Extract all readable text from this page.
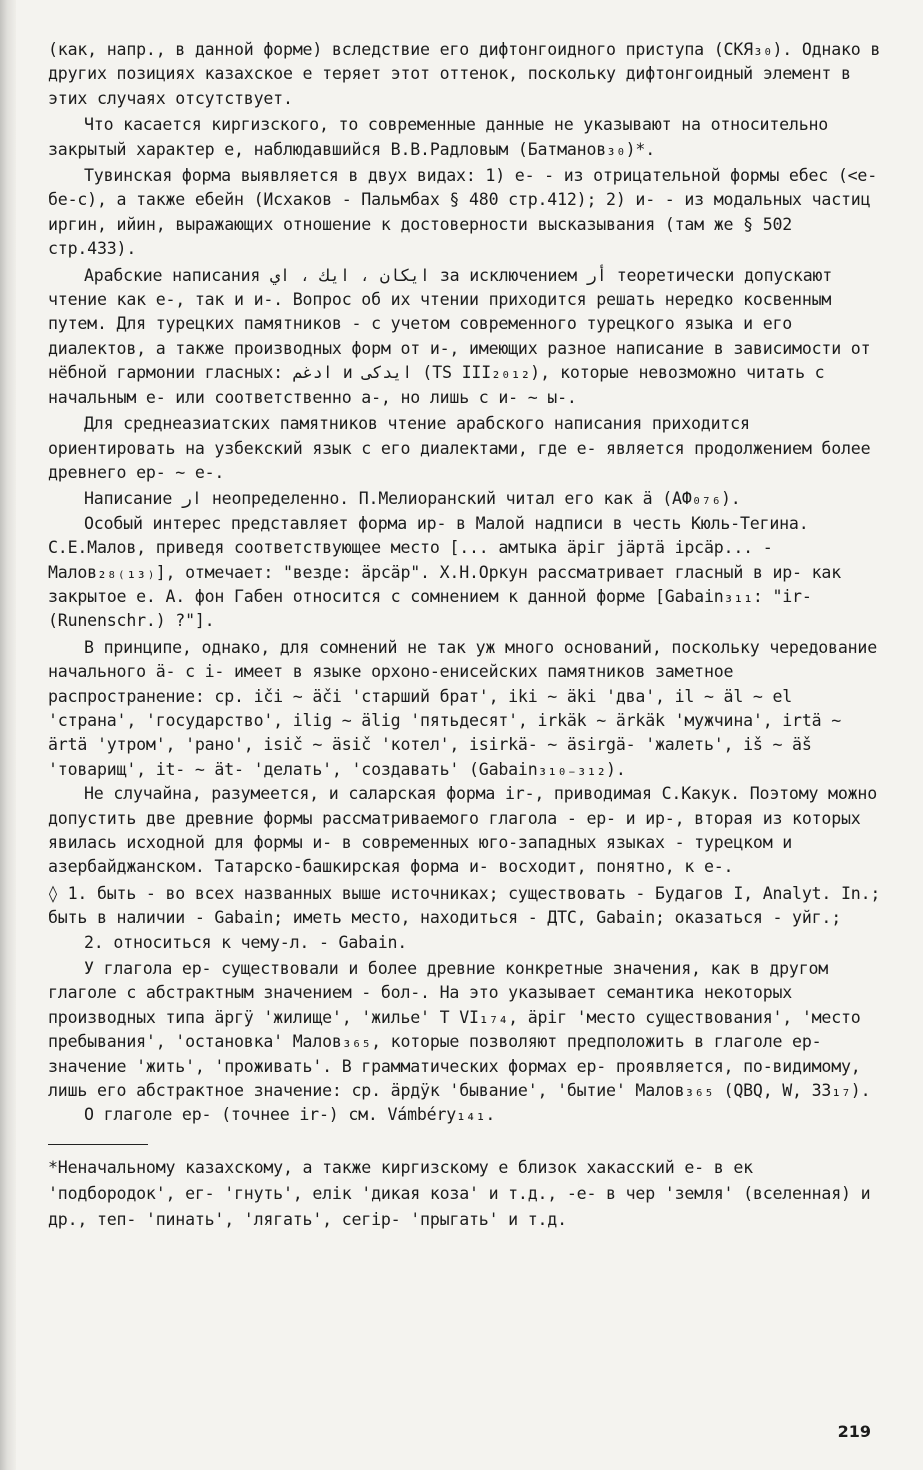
(как, напр., в данной форме) вследствие его дифтонгоидного приступа (СКЯ₃₀). Однако в других позициях казахское е теряет этот оттенок, поскольку дифтонгоидный элемент в этих случаях отсутствует.

Что касается киргизского, то современные данные не указывают на относительно закрытый характер е, наблюдавшийся В.В.Радловым (Батманов₃₀)*.

Тувинская форма выявляется в двух видах: 1) е- - из отрицательной формы ебес (<е-бе-с), а также ебейн (Исхаков - Пальмбах § 480 стр.412); 2) и- - из модальных частиц иргин, ийин, выражающих отношение к достоверности высказывания (там же § 502 стр.433).

Арабские написания ايكان ، ايك ، اي за исключением أر теоретически допускают чтение как е-, так и и-. Вопрос об их чтении приходится решать нередко косвенным путем. Для турецких памятников - с учетом современного турецкого языка и его диалектов, а также производных форм от и-, имеющих разное написание в зависимости от нёбной гармонии гласных: ادغم и ايدكى (TS III₂₀₁₂), которые невозможно читать с начальным е- или соответственно а-, но лишь с и- ~ ы-.

Для среднеазиатских памятников чтение арабского написания приходится ориентировать на узбекский язык с его диалектами, где е- является продолжением более древнего ер- ~ е-.

Написание ار неопределенно. П.Мелиоранский читал его как ä (АФ₀₇₆).

Особый интерес представляет форма ир- в Малой надписи в честь Кюль-Тегина. С.Е.Малов, приведя соответствующее место [... амтыка äрiг jäртä iрсäр... - Малов₂₈₍₁₃₎], отмечает: "везде: äрсäр". Х.Н.Оркун рассматривает гласный в ир- как закрытое е. А. фон Габен относится с сомнением к данной форме [Gabain₃₁₁: "ir- (Runenschr.) ?"].

В принципе, однако, для сомнений не так уж много оснований, поскольку чередование начального ä- с i- имеет в языке орхоно-енисейских памятников заметное распространение: ср. iči ~ äči 'старший брат', iki ~ äki 'два', il ~ äl ~ el 'страна', 'государство', ilig ~ älig 'пятьдесят', irkäk ~ ärkäk 'мужчина', irtä ~ ärtä 'утром', 'рано', isič ~ äsič 'котел', isirkä- ~ äsirgä- 'жалеть', iš ~ äš 'товарищ', it- ~ ät- 'делать', 'создавать' (Gabain₃₁₀₋₃₁₂).

Не случайна, разумеется, и саларская форма ir-, приводимая С.Какук. Поэтому можно допустить две древние формы рассматриваемого глагола - ер- и ир-, вторая из которых явилась исходной для формы и- в современных юго-западных языках - турецком и азербайджанском. Татарско-башкирская форма и- восходит, понятно, к е-.

◊ 1. быть - во всех названных выше источниках; существовать - Будагов I, Analyt. In.; быть в наличии - Gabain; иметь место, находиться - ДТС, Gabain; оказаться - уйг.;

2. относиться к чему-л. - Gabain.

У глагола ер- существовали и более древние конкретные значения, как в другом глаголе с абстрактным значением - бол-. На это указывает семантика некоторых производных типа äргÿ 'жилище', 'жилье' Т VI₁₇₄, äрiг 'место существования', 'место пребывания', 'остановка' Малов₃₆₅, которые позволяют предположить в глаголе ер- значение 'жить', 'проживать'. В грамматических формах ер- проявляется, по-видимому, лишь его абстрактное значение: ср. äрдÿк 'бывание', 'бытие' Малов₃₆₅ (QBQ, W, 33₁₇).

О глаголе ер- (точнее ir-) см. Vámbéry₁₄₁.

*Неначальному казахскому, а также киргизскому е близок хакасский е- в ек 'подбородок', ег- 'гнуть', елiк 'дикая коза' и т.д., -е- в чер 'земля' (вселенная) и др., теп- 'пинать', 'лягать', сегiр- 'прыгать' и т.д.

219
